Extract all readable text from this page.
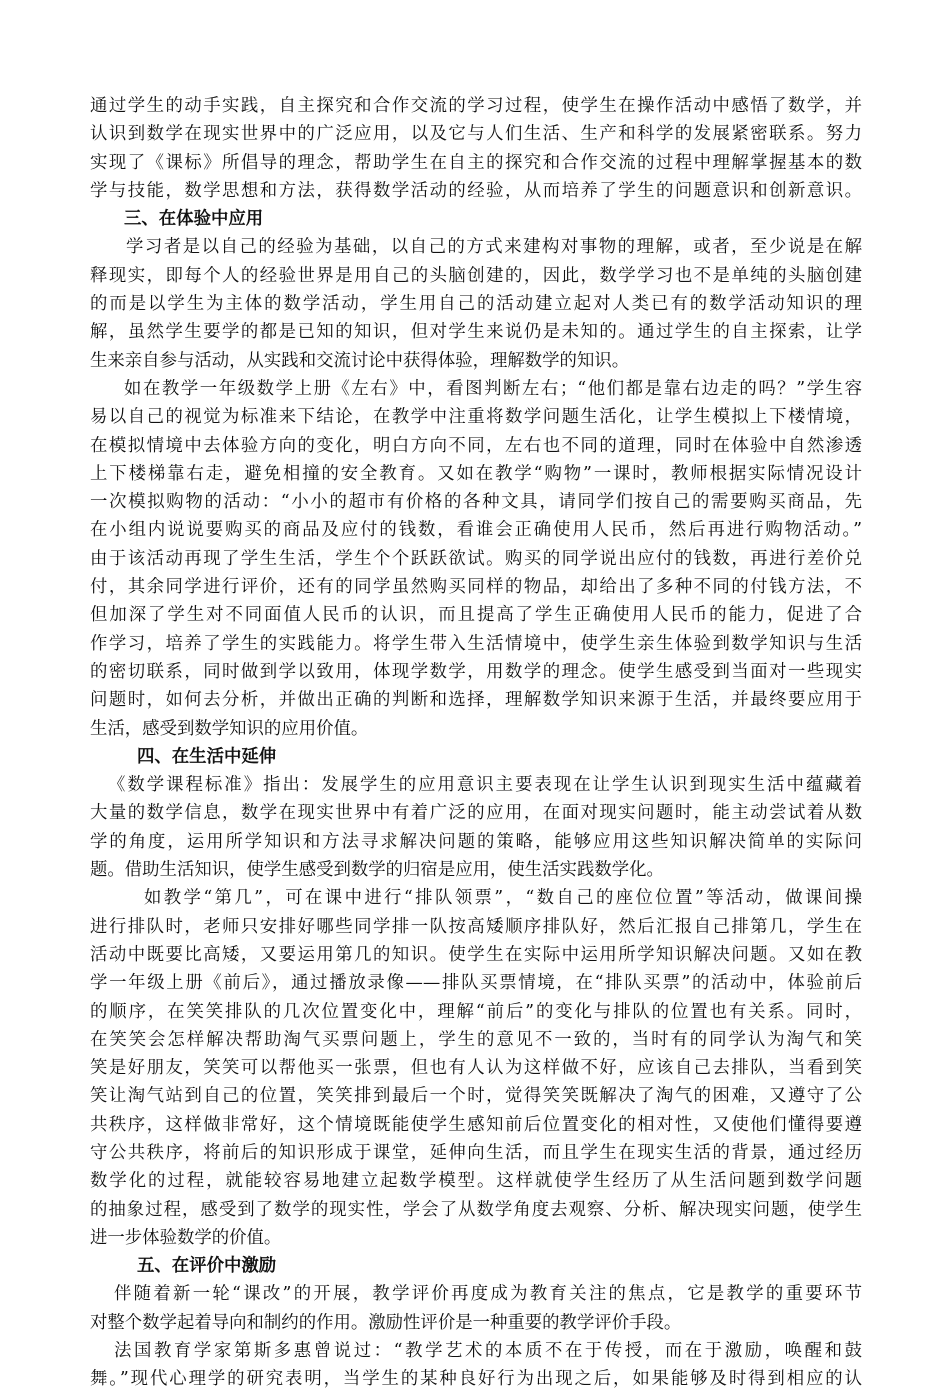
通过学生的动手实践，自主探究和合作交流的学习过程，使学生在操作活动中感悟了数学，并
认识到数学在现实世界中的广泛应用，以及它与人们生活、生产和科学的发展紧密联系。努力
实现了《课标》所倡导的理念，帮助学生在自主的探究和合作交流的过程中理解掌握基本的数
学与技能，数学思想和方法，获得数学活动的经验，从而培养了学生的问题意识和创新意识。
三、在体验中应用
学习者是以自己的经验为基础，以自己的方式来建构对事物的理解，或者，至少说是在解
释现实，即每个人的经验世界是用自己的头脑创建的，因此，数学学习也不是单纯的头脑创建
的而是以学生为主体的数学活动，学生用自己的活动建立起对人类已有的数学活动知识的理
解，虽然学生要学的都是已知的知识，但对学生来说仍是未知的。通过学生的自主探索，让学
生来亲自参与活动，从实践和交流讨论中获得体验，理解数学的知识。
如在教学一年级数学上册《左右》中，看图判断左右；“他们都是靠右边走的吗？”学生容
易以自己的视觉为标准来下结论，在教学中注重将数学问题生活化，让学生模拟上下楼情境，
在模拟情境中去体验方向的变化，明白方向不同，左右也不同的道理，同时在体验中自然渗透
上下楼梯靠右走，避免相撞的安全教育。又如在教学“购物”一课时，教师根据实际情况设计
一次模拟购物的活动：“小小的超市有价格的各种文具，请同学们按自己的需要购买商品，先
在小组内说说要购买的商品及应付的钱数，看谁会正确使用人民币，然后再进行购物活动。”
由于该活动再现了学生生活，学生个个跃跃欲试。购买的同学说出应付的钱数，再进行差价兑
付，其余同学进行评价，还有的同学虽然购买同样的物品，却给出了多种不同的付钱方法，不
但加深了学生对不同面值人民币的认识，而且提高了学生正确使用人民币的能力，促进了合
作学习，培养了学生的实践能力。将学生带入生活情境中，使学生亲生体验到数学知识与生活
的密切联系，同时做到学以致用，体现学数学，用数学的理念。使学生感受到当面对一些现实
问题时，如何去分析，并做出正确的判断和选择，理解数学知识来源于生活，并最终要应用于
生活，感受到数学知识的应用价值。
四、在生活中延伸
《数学课程标准》指出：发展学生的应用意识主要表现在让学生认识到现实生活中蕴藏着
大量的数学信息，数学在现实世界中有着广泛的应用，在面对现实问题时，能主动尝试着从数
学的角度，运用所学知识和方法寻求解决问题的策略，能够应用这些知识解决简单的实际问
题。借助生活知识，使学生感受到数学的归宿是应用，使生活实践数学化。
如教学“第几”，可在课中进行“排队领票”，“数自己的座位位置”等活动，做课间操
进行排队时，老师只安排好哪些同学排一队按高矮顺序排队好，然后汇报自己排第几，学生在
活动中既要比高矮，又要运用第几的知识。使学生在实际中运用所学知识解决问题。又如在教
学一年级上册《前后》，通过播放录像——排队买票情境，在“排队买票”的活动中，体验前后
的顺序，在笑笑排队的几次位置变化中，理解“前后”的变化与排队的位置也有关系。同时，
在笑笑会怎样解决帮助淘气买票问题上，学生的意见不一致的，当时有的同学认为淘气和笑
笑是好朋友，笑笑可以帮他买一张票，但也有人认为这样做不好，应该自己去排队，当看到笑
笑让淘气站到自己的位置，笑笑排到最后一个时，觉得笑笑既解决了淘气的困难，又遵守了公
共秩序，这样做非常好，这个情境既能使学生感知前后位置变化的相对性，又使他们懂得要遵
守公共秩序，将前后的知识形成于课堂，延伸向生活，而且学生在现实生活的背景，通过经历
数学化的过程，就能较容易地建立起数学模型。这样就使学生经历了从生活问题到数学问题
的抽象过程，感受到了数学的现实性，学会了从数学角度去观察、分析、解决现实问题，使学生
进一步体验数学的价值。
五、在评价中激励
伴随着新一轮“课改”的开展，教学评价再度成为教育关注的焦点，它是教学的重要环节
对整个数学起着导向和制约的作用。激励性评价是一种重要的教学评价手段。
法国教育学家第斯多惠曾说过：“教学艺术的本质不在于传授，而在于激励，唤醒和鼓
舞。”现代心理学的研究表明，当学生的某种良好行为出现之后，如果能够及时得到相应的认
